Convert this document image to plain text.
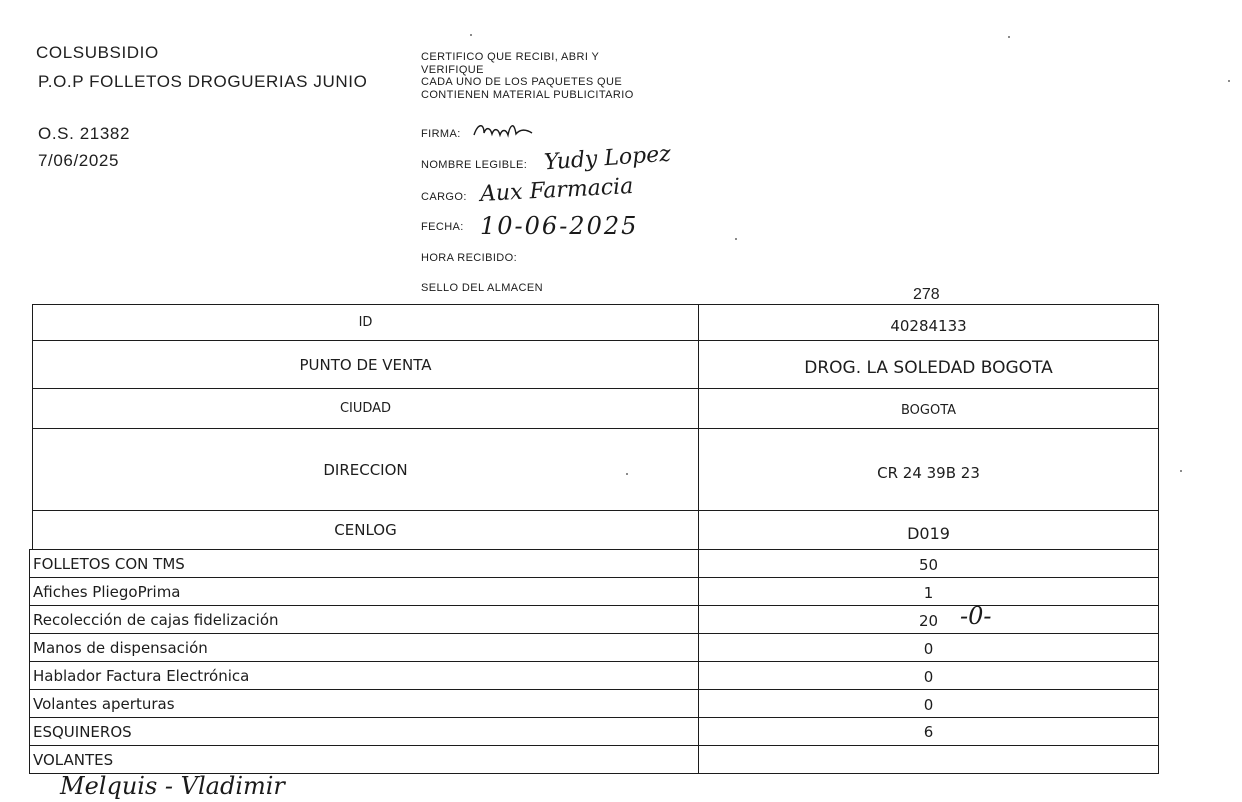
COLSUBSIDIO
P.O.P FOLLETOS DROGUERIAS JUNIO
O.S. 21382
7/06/2025
CERTIFICO QUE RECIBI, ABRI Y
VERIFIQUE
CADA UNO DE LOS PAQUETES QUE
CONTIENEN MATERIAL PUBLICITARIO
FIRMA:
NOMBRE LEGIBLE: Yudy Lopez
CARGO: Aux Farmacia
FECHA: 10-06-2025
HORA RECIBIDO:
SELLO DEL ALMACEN	278
ID	40284133
PUNTO DE VENTA	DROG. LA SOLEDAD BOGOTA
CIUDAD	BOGOTA
DIRECCION	CR 24 39B 23
CENLOG	D019
FOLLETOS CON TMS	50
Afiches PliegoPrima	1
Recolección de cajas fidelización	20 -0-
Manos de dispensación	0
Hablador Factura Electrónica	0
Volantes aperturas	0
ESQUINEROS	6
VOLANTES
Melquis - Vladimir
